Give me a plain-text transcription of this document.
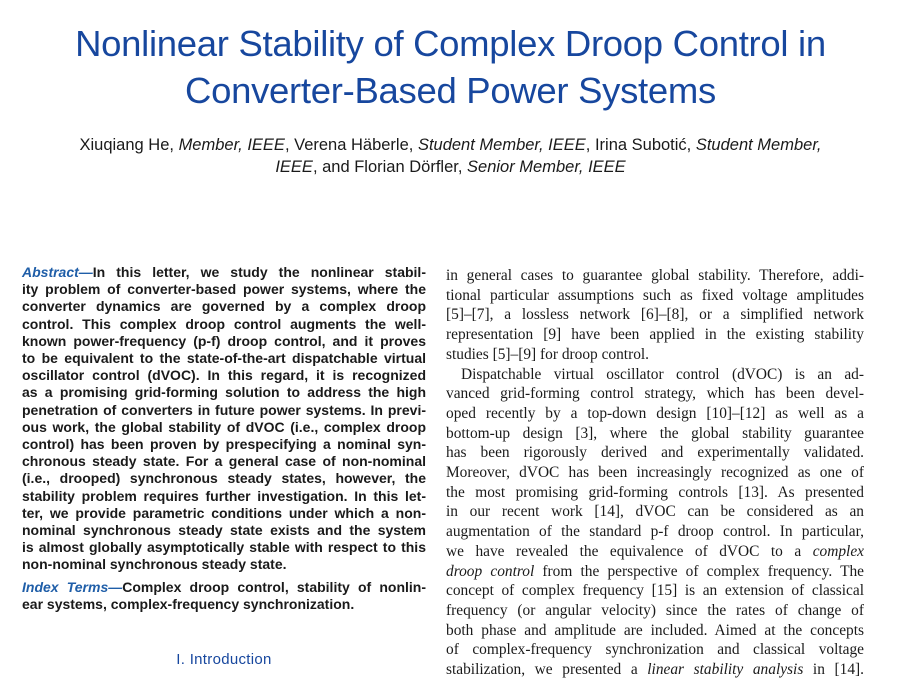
Nonlinear Stability of Complex Droop Control in
Converter-Based Power Systems
Xiuqiang He, Member, IEEE, Verena Häberle, Student Member, IEEE, Irina Subotić, Student Member,
IEEE, and Florian Dörfler, Senior Member, IEEE
Abstract—In this letter, we study the nonlinear stabil-
ity problem of converter-based power systems, where the
converter dynamics are governed by a complex droop
control. This complex droop control augments the well-
known power-frequency (p-f) droop control, and it proves
to be equivalent to the state-of-the-art dispatchable virtual
oscillator control (dVOC). In this regard, it is recognized
as a promising grid-forming solution to address the high
penetration of converters in future power systems. In previ-
ous work, the global stability of dVOC (i.e., complex droop
control) has been proven by prespecifying a nominal syn-
chronous steady state. For a general case of non-nominal
(i.e., drooped) synchronous steady states, however, the
stability problem requires further investigation. In this let-
ter, we provide parametric conditions under which a non-
nominal synchronous steady state exists and the system
is almost globally asymptotically stable with respect to this
non-nominal synchronous steady state.
Index Terms—Complex droop control, stability of nonlin-
ear systems, complex-frequency synchronization.
I. Introduction
in general cases to guarantee global stability. Therefore, addi-
tional particular assumptions such as fixed voltage amplitudes
[5]–[7], a lossless network [6]–[8], or a simplified network
representation [9] have been applied in the existing stability
studies [5]–[9] for droop control.
Dispatchable virtual oscillator control (dVOC) is an ad-
vanced grid-forming control strategy, which has been devel-
oped recently by a top-down design [10]–[12] as well as a
bottom-up design [3], where the global stability guarantee
has been rigorously derived and experimentally validated.
Moreover, dVOC has been increasingly recognized as one of
the most promising grid-forming controls [13]. As presented
in our recent work [14], dVOC can be considered as an
augmentation of the standard p-f droop control. In particular,
we have revealed the equivalence of dVOC to a complex
droop control from the perspective of complex frequency. The
concept of complex frequency [15] is an extension of classical
frequency (or angular velocity) since the rates of change of
both phase and amplitude are included. Aimed at the concepts
of complex-frequency synchronization and classical voltage
stabilization, we presented a linear stability analysis in [14].
